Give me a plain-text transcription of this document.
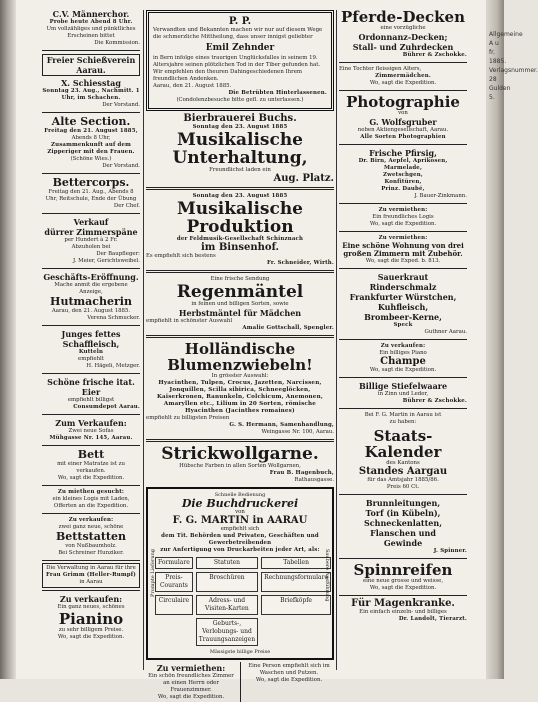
Allgemeine A u fr. 1885. Verlagsnummer. 28 Gulden 5.

C.V. Männerchor.

Probe heute Abend 8 Uhr.

Um vollzähliges und pünktliches Erscheinen bittet

Die Kommission.

Freier Schießverein Aarau.

X. Schiesstag

Sonntag 23. Aug., Nachmitt. 1 Uhr, im Schachen.

Der Vorstand.

Alte Section.

Freitag den 21. August 1885,

Abends 8 Uhr,

Zusammenkunft auf dem Zipperiger mit den Frauen.

(Schöne Wies.)

Der Vorstand.

Bettercorps.

Freitag den 21. Aug., Abends 8 Uhr, Reitschule, Ende der Übung

Der Chef.

Verkauf

dürrer Zimmerspäne

per Hundert à 2 Fr.

Abzuholen bei

Der Baupfleger:

J. Meier, Gerichtsweibel.

Geschäfts-Eröffnung.

Mache anmit die ergebene Anzeige,

Hutmacherin

Aarau, den 21. August 1885.

Verena Schmucker.

Junges fettes Schaffleisch,

Kutteln

empfiehlt

H. Hägeli, Metzger.

Schöne frische itat. Eier

empfiehlt billigst

Consumdepot Aarau.

Zum Verkaufen:

Zwei neue Sofas

Mühgasse Nr. 145, Aarau.

Bett

mit einer Matratze ist zu verkaufen.

Wo, sagt die Expedition.

Zu miethen gesucht:

ein kleines Logis mit Laden,

Offerten an die Expedition.

Zu verkaufen:

zwei ganz neue, schöne

Bettstatten

von Nußbaumholz.

Bei Schreiner Hunziker.

Die Verwaltung in Aarau für ihre

Frau Grimm (Heller-Rumpf)

in Aarau

Zu verkaufen:

Ein ganz neues, schönes

Pianino

zu sehr billigem Preise.

Wo, sagt die Expedition.

P. P.

Verwandten und Bekannten machen wir nur auf diesem Wege die schmerzliche Mittheilung, dass unser innigst geliebter

Emil Zehnder

in Bern infolge eines traurigen Unglücksfalles in seinem 19. Altersjahre seinen plötzlichen Tod in der Tiber gefunden hat. Wir empfehlen den theuren Dahingeschiedenen Ihrem freundlichen Andenken.

Aarau, den 21. August 1885.

Die Betrübten Hinterlassenen.

(Condolenzbesuche bitte gefl. zu unterlassen.)

Bierbrauerei Buchs.

Sonntag den 23. August 1885

Musikalische Unterhaltung,

Freundlichst laden ein

Aug. Platz.

Sonntag den 23. August 1885

Musikalische Produktion

der Feldmusik-Gesellschaft Schinznach

im Binsenhof.

Es empfiehlt sich bestens

Fr. Schneider, Wirth.

Eine frische Sendung

Regenmäntel

in feinen und billigen Sorten, sowie

Herbstmäntel für Mädchen

empfiehlt in schönster Auswahl

Amalie Gottschall, Spengler.

Holländische Blumenzwiebeln!

In grösster Auswahl:

Hyacinthen, Tulpen, Crocus, Jazetten, Narcissen, Jonquillen, Scilla sibirica, Schneeglöcken, Kaiserkronen, Ranunkeln, Colchicum, Anemonen, Amaryllen etc., Lilium in 20 Sorten, römische Hyacinthen (Jacinthes romaines)

empfiehlt zu billigsten Preisen

G. S. Hermann, Samenhandlung,

Weingasse Nr. 100, Aarau.

Strickwollgarne.

Hübsche Farben in allen Sorten Wollgarnen,

Frau B. Hagenbuch,

Rathausgasse.

Schnelle Bedienung

Die Buchdruckerei

von

F. G. MARTIN in AARAU

empfiehlt sich

dem Tit. Behörden und Privaten, Geschäften und Gewerbetreibenden

zur Anfertigung von Druckarbeiten jeder Art, als:

Prompte Lieferung	Saubere Ausführung
Formulare	Statuten	Tabellen
Preis-Courants
Broschüren	Rechnungsformulare
Circulaire	Adress- und Visiten-Karten
Briefköpfe
Geburts-, Verlobungs- und Trauungsanzeigen

Mässigste billige Preise

Zu vermiethen:

Ein schön freundliches Zimmer an einen Herrn oder Frauenzimmer.

Wo, sagt die Expedition.

Eine Person empfiehlt sich im Waschen und Putzen.

Wo, sagt die Expedition.

Pferde-Decken

eine vorzügliche

Ordonnanz-Decken;

Stall- und Zuhrdecken

Bührer & Zschokke.

Eine Tochter fleissigen Alters,

Zimmermädchen.

Wo, sagt die Expedition.

Photographie

von

G. Wolfsgruber

neben Aktiengesellschaft, Aarau.

Alle Sorten Photographien

Frische Pfirsig,

Dr. Birn, Aepfel, Aprikosen,

Marmelade,

Zwetschgen,

Konfitüren,

Prinz. Daubé,

J. Bauer-Zinkmann.

Zu vermiethen:

Ein freundliches Logis

Wo, sagt die Expedition.

Zu vermiethen:

Eine schöne Wohnung von drei großen Zimmern mit Zubehör.

Wo, sagt die Exped. b. 813.

Sauerkraut

Rinderschmalz

Frankfurter Würstchen,

Kuhfleisch,

Brombeer-Kerne,

Speck

Guthner Aarau.

Zu verkaufen:

Ein billiges Piano

Champe

Wo, sagt die Expedition.

Billige Stiefelwaare

in Zinn und Leder,

Bührer & Zschokke.

Bei F. G. Martin in Aarau ist

zu haben:

Staats-Kalender

des Kantons

Standes Aargau

für das Amtsjahr 1885/86.

Preis 60 Ct.

Brunnleitungen,

Torf (in Kübeln),

Schneckenlatten,

Flanschen und

Gewinde

J. Spinner.

Spinnreifen

eine neue grosse und weisse,

Wo, sagt die Expedition.

Für Magenkranke.

Ein einfach einzeln- und billiges

Dr. Landolt, Tierarzt.
